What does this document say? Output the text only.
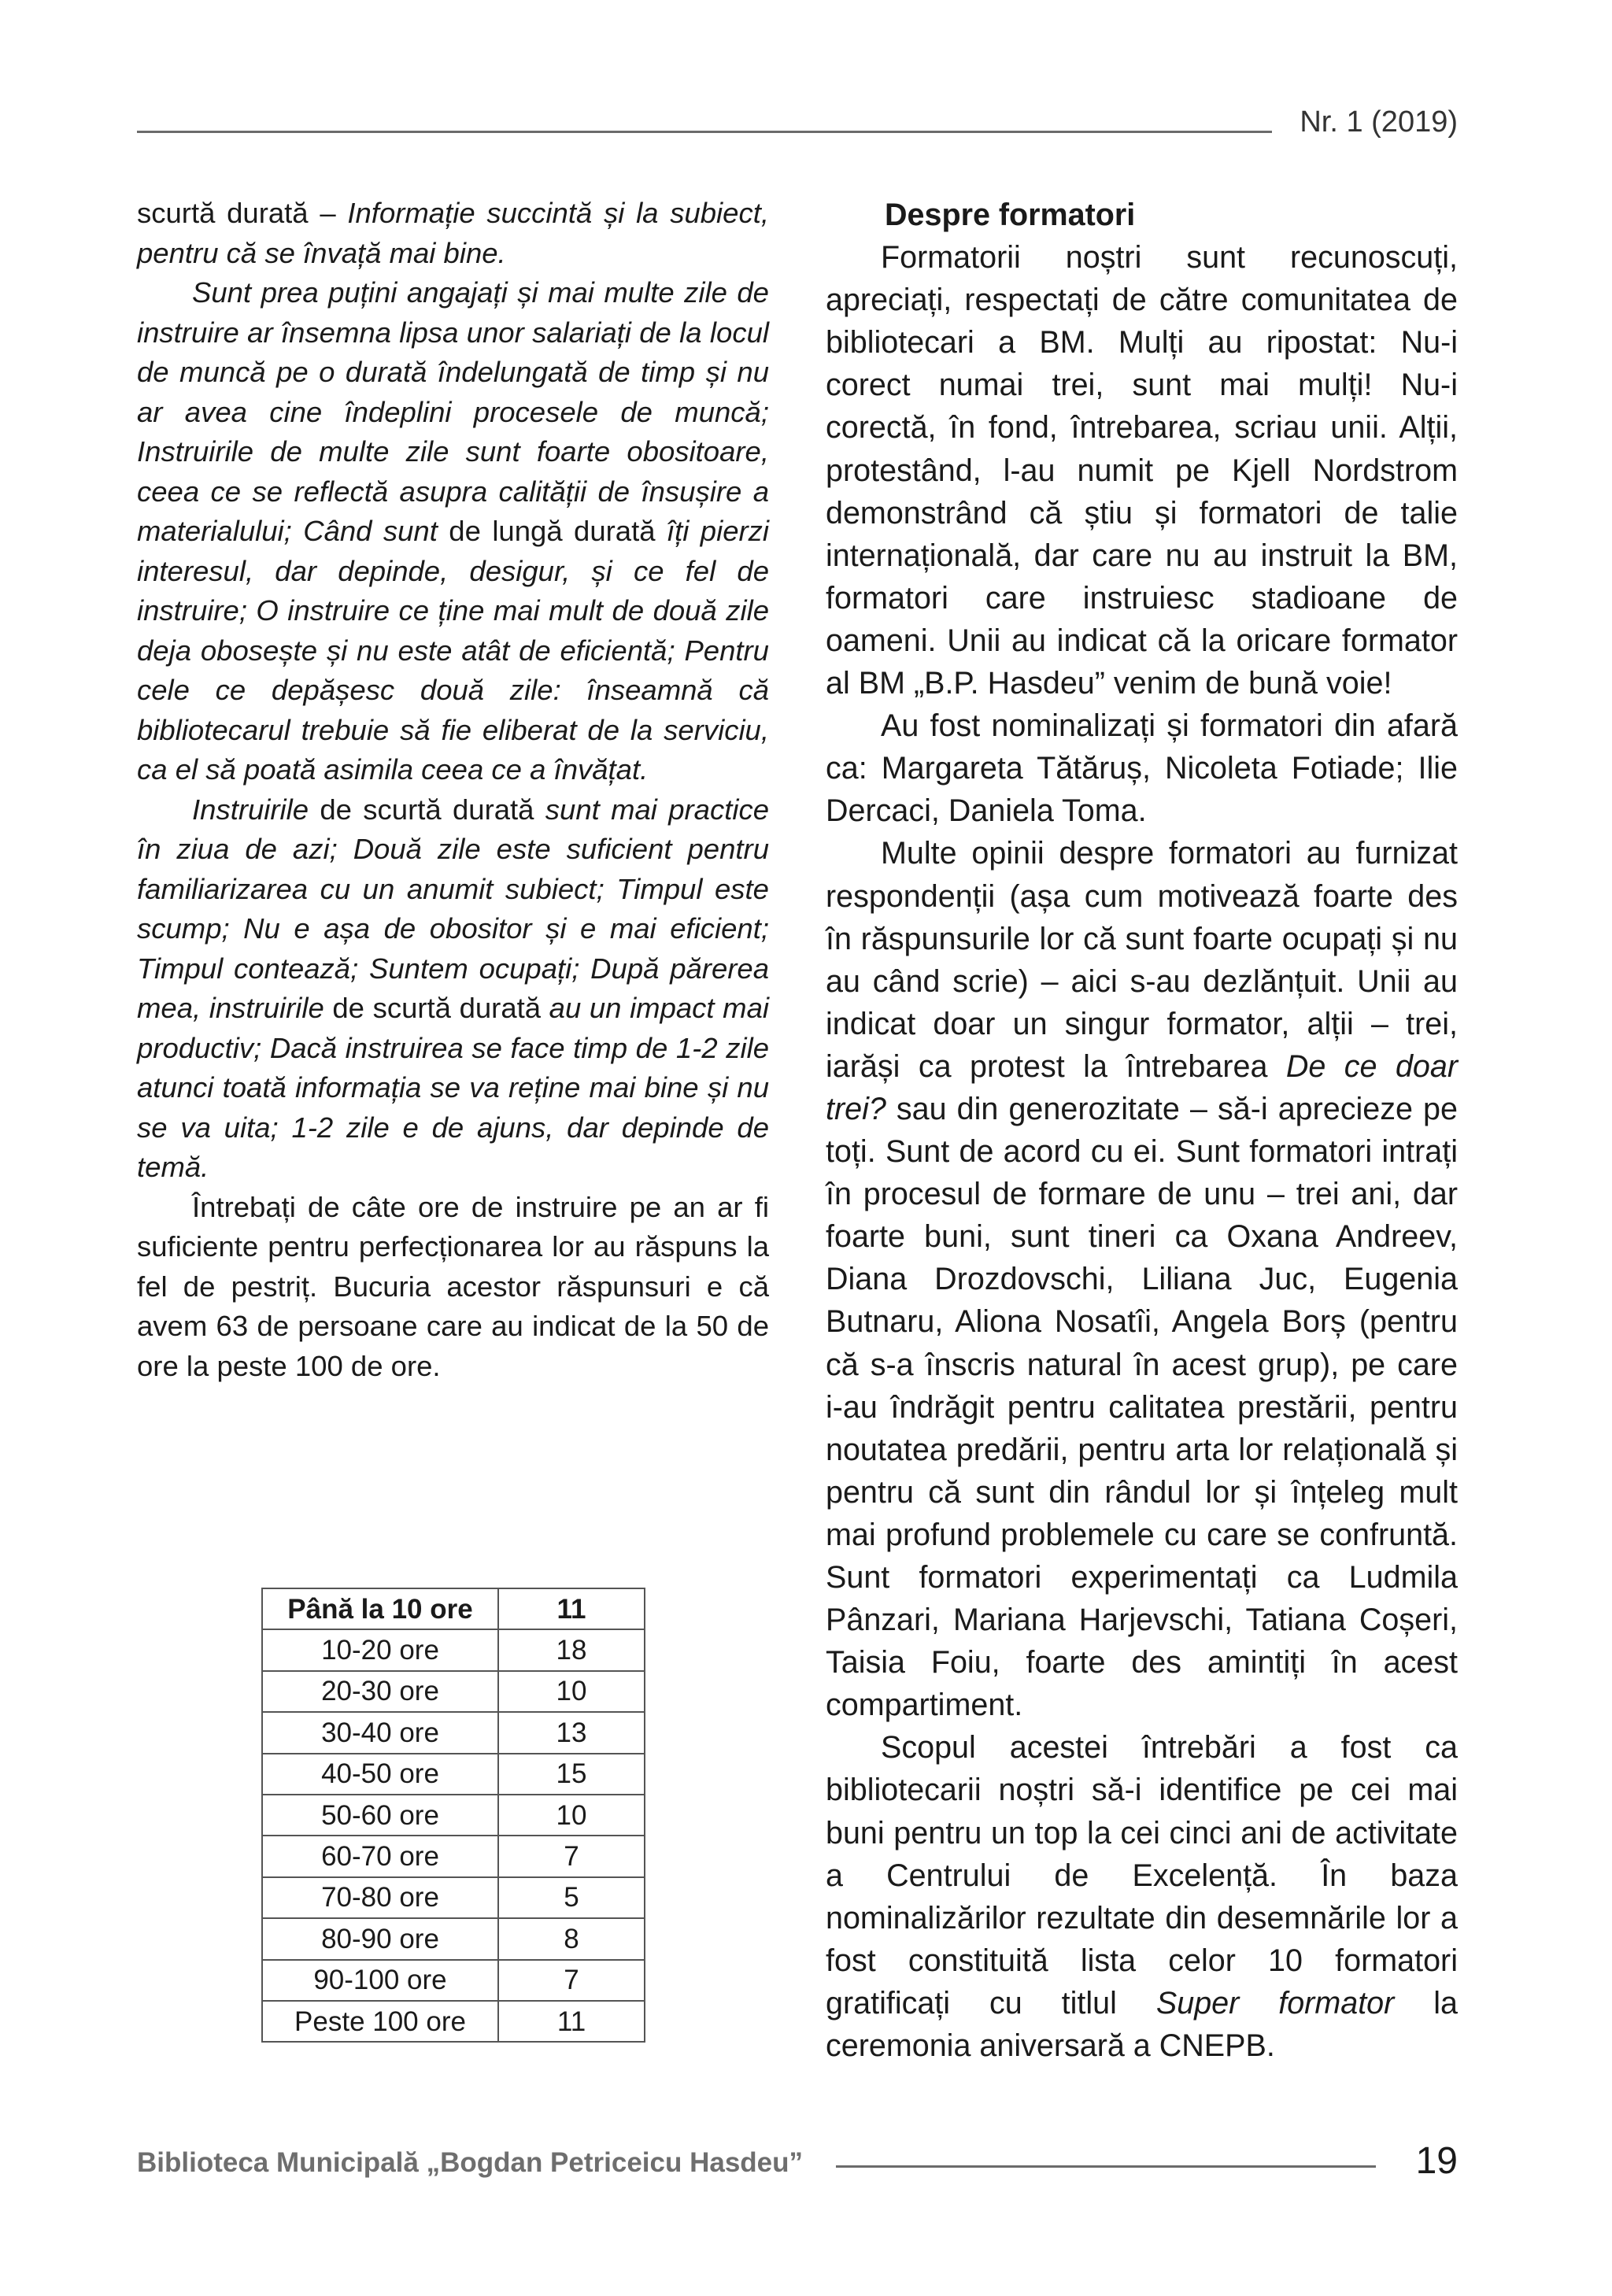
Nr. 1 (2019)

scurtă durată – Informație succintă și la subiect, pentru că se învață mai bine.

Sunt prea puțini angajați și mai multe zile de instruire ar însemna lipsa unor salariați de la locul de muncă pe o durată îndelungată de timp și nu ar avea cine îndeplini procesele de muncă; Instruirile de multe zile sunt foarte obositoare, ceea ce se reflectă asupra calității de însușire a materialului; Când sunt de lungă durată îți pierzi interesul, dar depinde, desigur, și ce fel de instruire; O instruire ce ține mai mult de două zile deja obosește și nu este atât de eficientă; Pentru cele ce depășesc două zile: înseamnă că bibliotecarul trebuie să fie eliberat de la serviciu, ca el să poată asimila ceea ce a învățat.

Instruirile de scurtă durată sunt mai practice în ziua de azi; Două zile este suficient pentru familiarizarea cu un anumit subiect; Timpul este scump; Nu e așa de obositor și e mai eficient; Timpul contează; Suntem ocupați; După părerea mea, instruirile de scurtă durată au un impact mai productiv; Dacă instruirea se face timp de 1-2 zile atunci toată informația se va reține mai bine și nu se va uita; 1-2 zile e de ajuns, dar depinde de temă.

Întrebați de câte ore de instruire pe an ar fi suficiente pentru perfecționarea lor au răspuns la fel de pestriț. Bucuria acestor răspunsuri e că avem 63 de persoane care au indicat de la 50 de ore la peste 100 de ore.

Până la 10 ore	11
10-20 ore	18
20-30 ore	10
30-40 ore	13
40-50 ore	15
50-60 ore	10
60-70 ore	7
70-80 ore	5
80-90 ore	8
90-100 ore	7
Peste 100 ore	11

Despre formatori

Formatorii noștri sunt recunoscuți, apreciați, respectați de către comunitatea de bibliotecari a BM. Mulți au ripostat: Nu-i corect numai trei, sunt mai mulți! Nu-i corectă, în fond, întrebarea, scriau unii. Alții, protestând, l-au numit pe Kjell Nordstrom demonstrând că știu și formatori de talie internațională, dar care nu au instruit la BM, formatori care instruiesc stadioane de oameni. Unii au indicat că la oricare formator al BM „B.P. Hasdeu” venim de bună voie!

Au fost nominalizați și formatori din afară ca: Margareta Tătăruș, Nicoleta Fotiade; Ilie Dercaci, Daniela Toma.

Multe opinii despre formatori au furnizat respondenții (așa cum motivează foarte des în răspunsurile lor că sunt foarte ocupați și nu au când scrie) – aici s-au dezlănțuit. Unii au indicat doar un singur formator, alții – trei, iarăși ca protest la întrebarea De ce doar trei? sau din generozitate – să-i aprecieze pe toți. Sunt de acord cu ei. Sunt formatori intrați în procesul de formare de unu – trei ani, dar foarte buni, sunt tineri ca Oxana Andreev, Diana Drozdovschi, Liliana Juc, Eugenia Butnaru, Aliona Nosatîi, Angela Borș (pentru că s-a înscris natural în acest grup), pe care i-au îndrăgit pentru calitatea prestării, pentru noutatea predării, pentru arta lor relațională și pentru că sunt din rândul lor și înțeleg mult mai profund problemele cu care se confruntă. Sunt formatori experimentați ca Ludmila Pânzari, Mariana Harjevschi, Tatiana Coșeri, Taisia Foiu, foarte des amintiți în acest compartiment.

Scopul acestei întrebări a fost ca bibliotecarii noștri să-i identifice pe cei mai buni pentru un top la cei cinci ani de activitate a Centrului de Excelență. În baza nominalizărilor rezultate din desemnările lor a fost constituită lista celor 10 formatori gratificați cu titlul Super formator la ceremonia aniversară a CNEPB.

Biblioteca Municipală „Bogdan Petriceicu Hasdeu”	19
